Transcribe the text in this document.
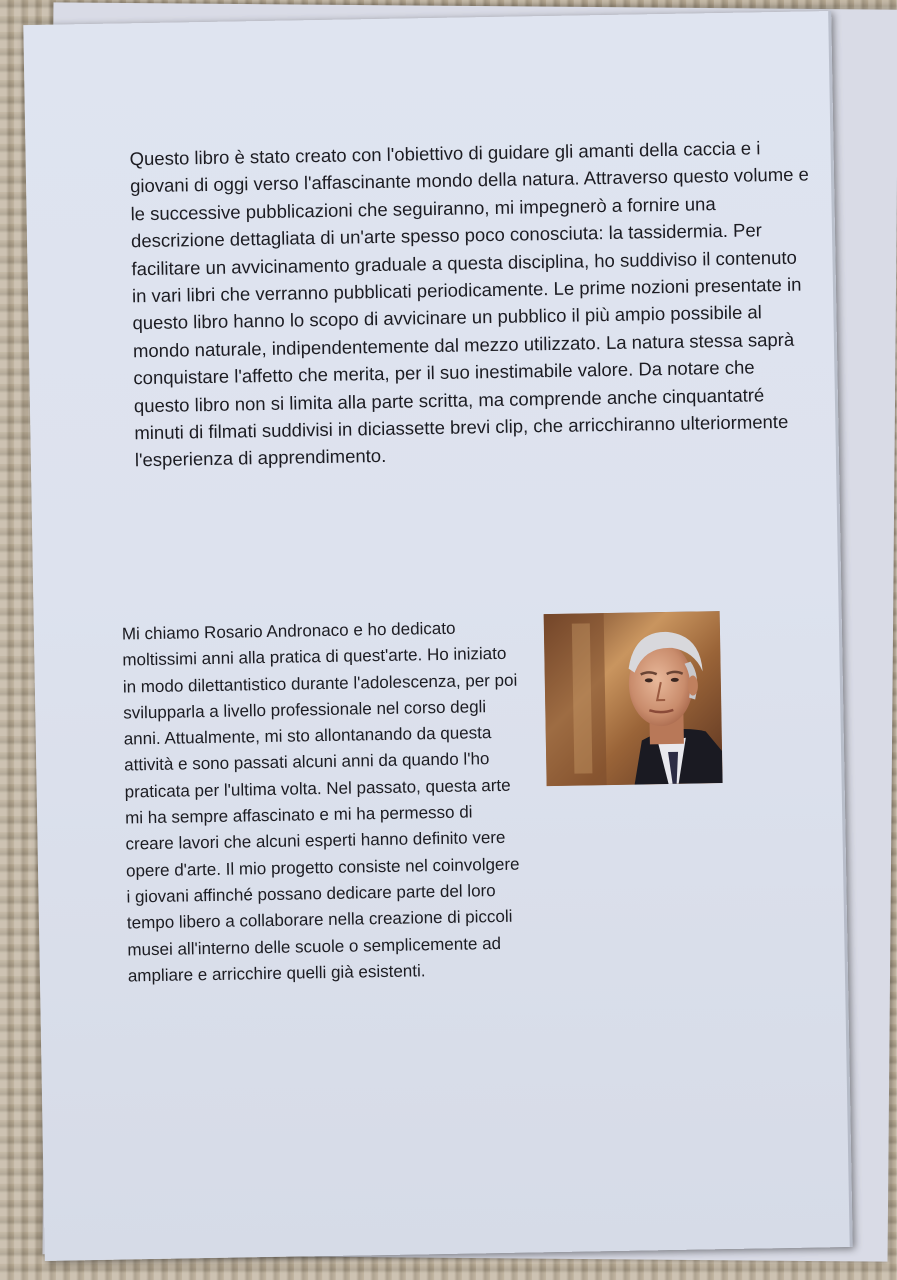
Questo libro è stato creato con l'obiettivo di guidare gli amanti della caccia e i giovani di oggi verso l'affascinante mondo della natura. Attraverso questo volume e le successive pubblicazioni che seguiranno, mi impegnerò a fornire una descrizione dettagliata di un'arte spesso poco conosciuta: la tassidermia. Per facilitare un avvicinamento graduale a questa disciplina, ho suddiviso il contenuto in vari libri che verranno pubblicati periodicamente. Le prime nozioni presentate in questo libro hanno lo scopo di avvicinare un pubblico il più ampio possibile al mondo naturale, indipendentemente dal mezzo utilizzato. La natura stessa saprà conquistare l'affetto che merita, per il suo inestimabile valore. Da notare che questo libro non si limita alla parte scritta, ma comprende anche cinquantatré minuti di filmati suddivisi in diciassette brevi clip, che arricchiranno ulteriormente l'esperienza di apprendimento.

Mi chiamo Rosario Andronaco e ho dedicato moltissimi anni alla pratica di quest'arte. Ho iniziato in modo dilettantistico durante l'adolescenza, per poi svilupparla a livello professionale nel corso degli anni. Attualmente, mi sto allontanando da questa attività e sono passati alcuni anni da quando l'ho praticata per l'ultima volta. Nel passato, questa arte mi ha sempre affascinato e mi ha permesso di creare lavori che alcuni esperti hanno definito vere opere d'arte. Il mio progetto consiste nel coinvolgere i giovani affinché possano dedicare parte del loro tempo libero a collaborare nella creazione di piccoli musei all'interno delle scuole o semplicemente ad ampliare e arricchire quelli già esistenti.
